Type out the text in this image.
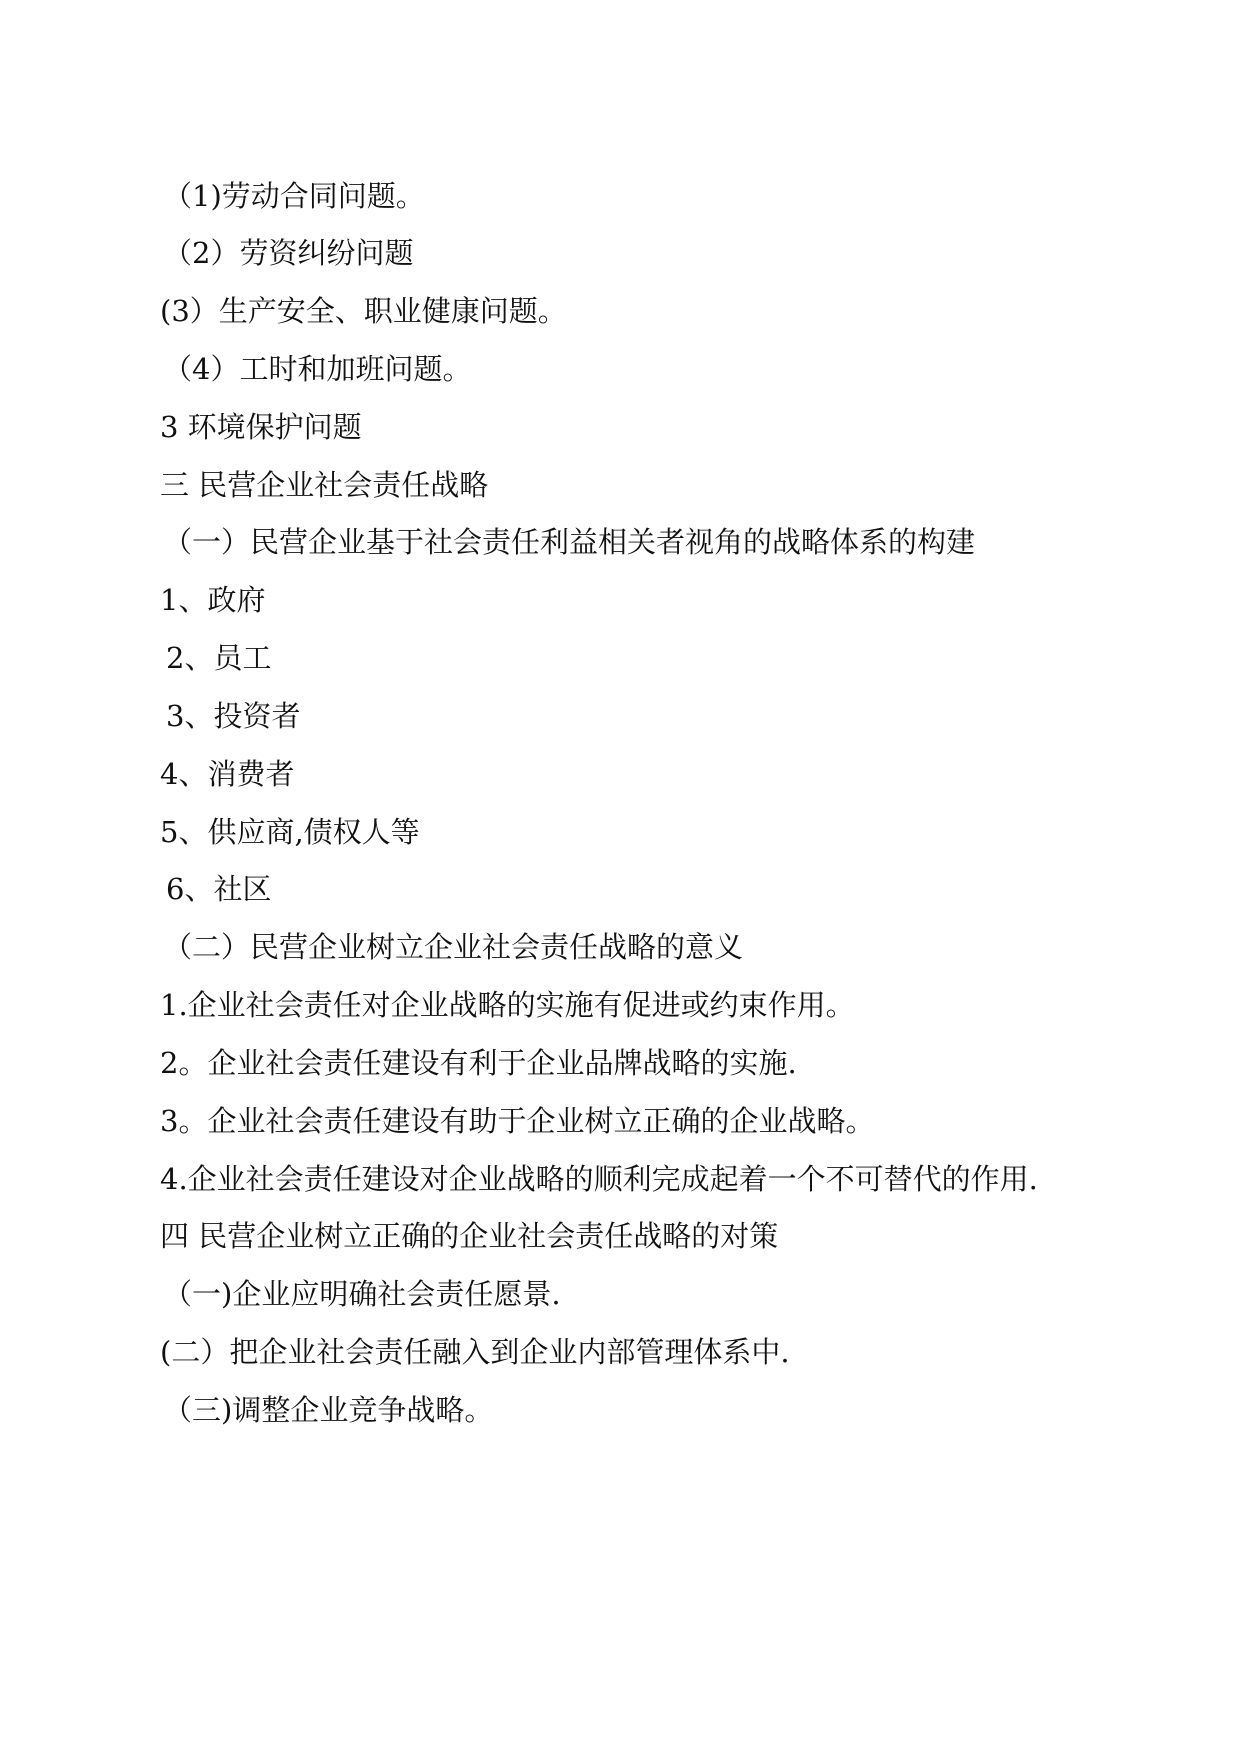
（1)劳动合同问题。
（2）劳资纠纷问题
(3）生产安全、职业健康问题。
（4）工时和加班问题。
3 环境保护问题
三 民营企业社会责任战略
（一）民营企业基于社会责任利益相关者视角的战略体系的构建
1、政府
2、员工
3、投资者
4、消费者
5、供应商,债权人等
6、社区
（二）民营企业树立企业社会责任战略的意义
1.企业社会责任对企业战略的实施有促进或约束作用。
2。企业社会责任建设有利于企业品牌战略的实施.
3。企业社会责任建设有助于企业树立正确的企业战略。
4.企业社会责任建设对企业战略的顺利完成起着一个不可替代的作用.
四 民营企业树立正确的企业社会责任战略的对策
（一)企业应明确社会责任愿景.
(二）把企业社会责任融入到企业内部管理体系中.
（三)调整企业竞争战略。
